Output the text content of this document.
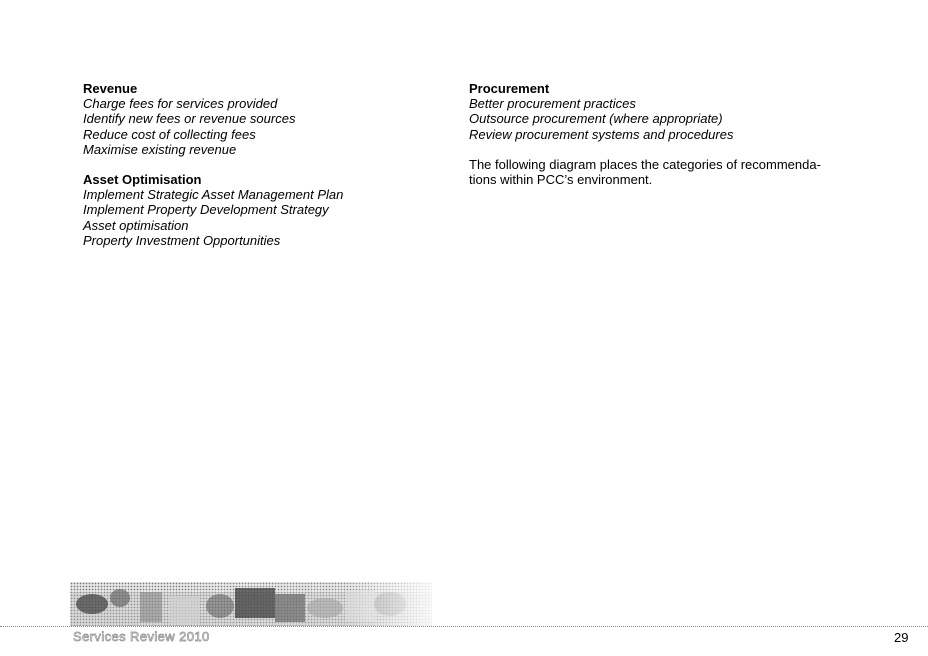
Revenue
Charge fees for services provided
Identify new fees or revenue sources
Reduce cost of collecting fees
Maximise existing revenue
Asset Optimisation
Implement Strategic Asset Management Plan
Implement Property Development Strategy
Asset optimisation
Property Investment Opportunities
Procurement
Better procurement practices
Outsource procurement (where appropriate)
Review procurement systems and procedures
The following diagram places the categories of recommenda-
tions within PCC’s environment.
Services Review 2010	29
